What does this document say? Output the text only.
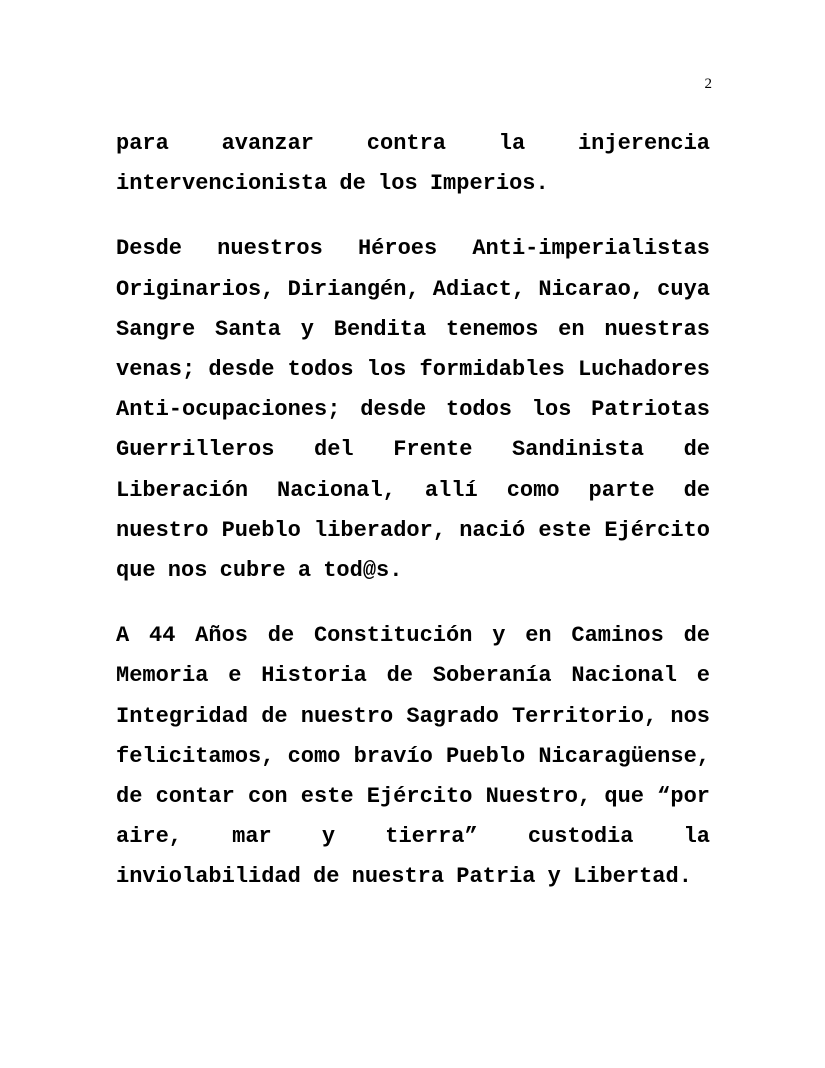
2

para avanzar contra la injerencia intervencionista de los Imperios.

Desde nuestros Héroes Anti-imperialistas Originarios, Diriangén, Adiact, Nicarao, cuya Sangre Santa y Bendita tenemos en nuestras venas; desde todos los formidables Luchadores Anti-ocupaciones; desde todos los Patriotas Guerrilleros del Frente Sandinista de Liberación Nacional, allí como parte de nuestro Pueblo liberador, nació este Ejército que nos cubre a tod@s.

A 44 Años de Constitución y en Caminos de Memoria e Historia de Soberanía Nacional e Integridad de nuestro Sagrado Territorio, nos felicitamos, como bravío Pueblo Nicaragüense, de contar con este Ejército Nuestro, que “por aire, mar y tierra” custodia la inviolabilidad de nuestra Patria y Libertad.
